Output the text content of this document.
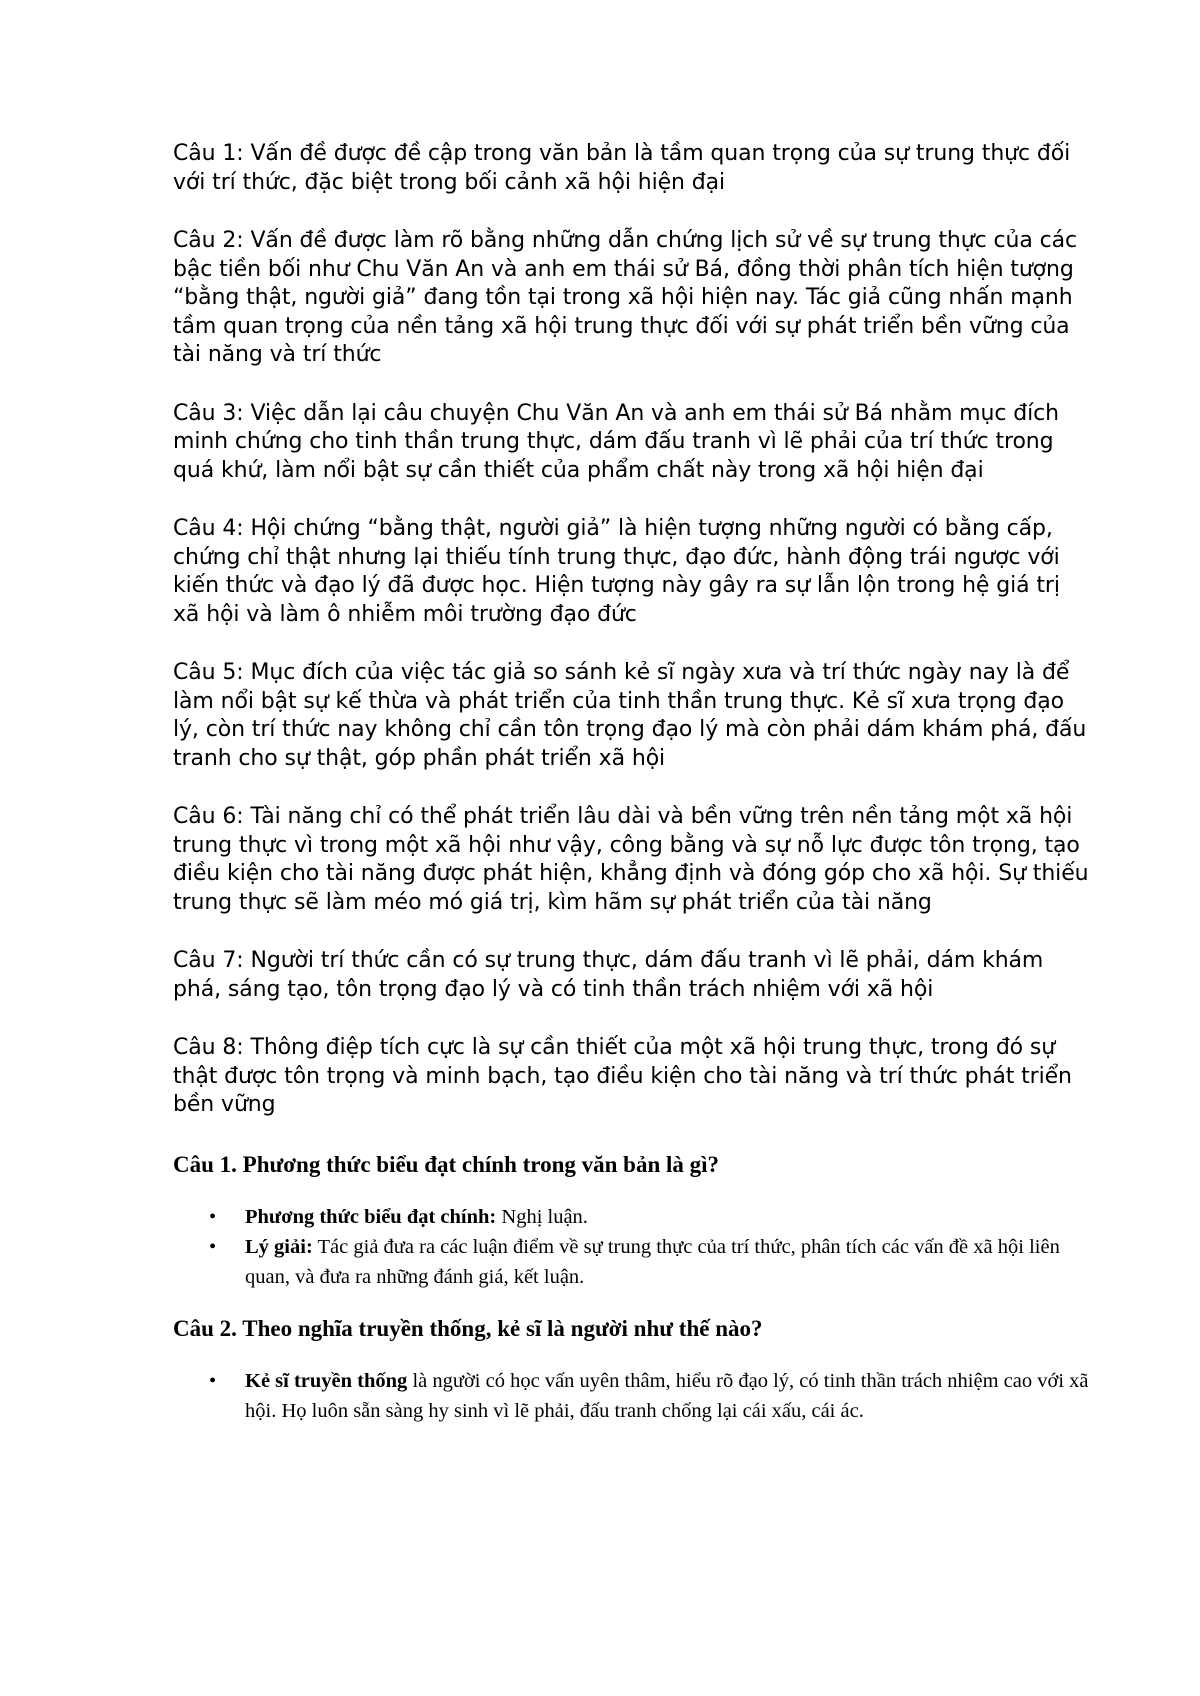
Câu 1: Vấn đề được đề cập trong văn bản là tầm quan trọng của sự trung thực đối với trí thức, đặc biệt trong bối cảnh xã hội hiện đại

Câu 2: Vấn đề được làm rõ bằng những dẫn chứng lịch sử về sự trung thực của các bậc tiền bối như Chu Văn An và anh em thái sử Bá, đồng thời phân tích hiện tượng “bằng thật, người giả” đang tồn tại trong xã hội hiện nay. Tác giả cũng nhấn mạnh tầm quan trọng của nền tảng xã hội trung thực đối với sự phát triển bền vững của tài năng và trí thức

Câu 3: Việc dẫn lại câu chuyện Chu Văn An và anh em thái sử Bá nhằm mục đích minh chứng cho tinh thần trung thực, dám đấu tranh vì lẽ phải của trí thức trong quá khứ, làm nổi bật sự cần thiết của phẩm chất này trong xã hội hiện đại

Câu 4: Hội chứng “bằng thật, người giả” là hiện tượng những người có bằng cấp, chứng chỉ thật nhưng lại thiếu tính trung thực, đạo đức, hành động trái ngược với kiến thức và đạo lý đã được học. Hiện tượng này gây ra sự lẫn lộn trong hệ giá trị xã hội và làm ô nhiễm môi trường đạo đức

Câu 5: Mục đích của việc tác giả so sánh kẻ sĩ ngày xưa và trí thức ngày nay là để làm nổi bật sự kế thừa và phát triển của tinh thần trung thực. Kẻ sĩ xưa trọng đạo lý, còn trí thức nay không chỉ cần tôn trọng đạo lý mà còn phải dám khám phá, đấu tranh cho sự thật, góp phần phát triển xã hội

Câu 6: Tài năng chỉ có thể phát triển lâu dài và bền vững trên nền tảng một xã hội trung thực vì trong một xã hội như vậy, công bằng và sự nỗ lực được tôn trọng, tạo điều kiện cho tài năng được phát hiện, khẳng định và đóng góp cho xã hội. Sự thiếu trung thực sẽ làm méo mó giá trị, kìm hãm sự phát triển của tài năng

Câu 7: Người trí thức cần có sự trung thực, dám đấu tranh vì lẽ phải, dám khám phá, sáng tạo, tôn trọng đạo lý và có tinh thần trách nhiệm với xã hội

Câu 8: Thông điệp tích cực là sự cần thiết của một xã hội trung thực, trong đó sự thật được tôn trọng và minh bạch, tạo điều kiện cho tài năng và trí thức phát triển bền vững

Câu 1. Phương thức biểu đạt chính trong văn bản là gì?
• Phương thức biểu đạt chính: Nghị luận.
• Lý giải: Tác giả đưa ra các luận điểm về sự trung thực của trí thức, phân tích các vấn đề xã hội liên quan, và đưa ra những đánh giá, kết luận.
Câu 2. Theo nghĩa truyền thống, kẻ sĩ là người như thế nào?
• Kẻ sĩ truyền thống là người có học vấn uyên thâm, hiểu rõ đạo lý, có tinh thần trách nhiệm cao với xã hội. Họ luôn sẵn sàng hy sinh vì lẽ phải, đấu tranh chống lại cái xấu, cái ác.
